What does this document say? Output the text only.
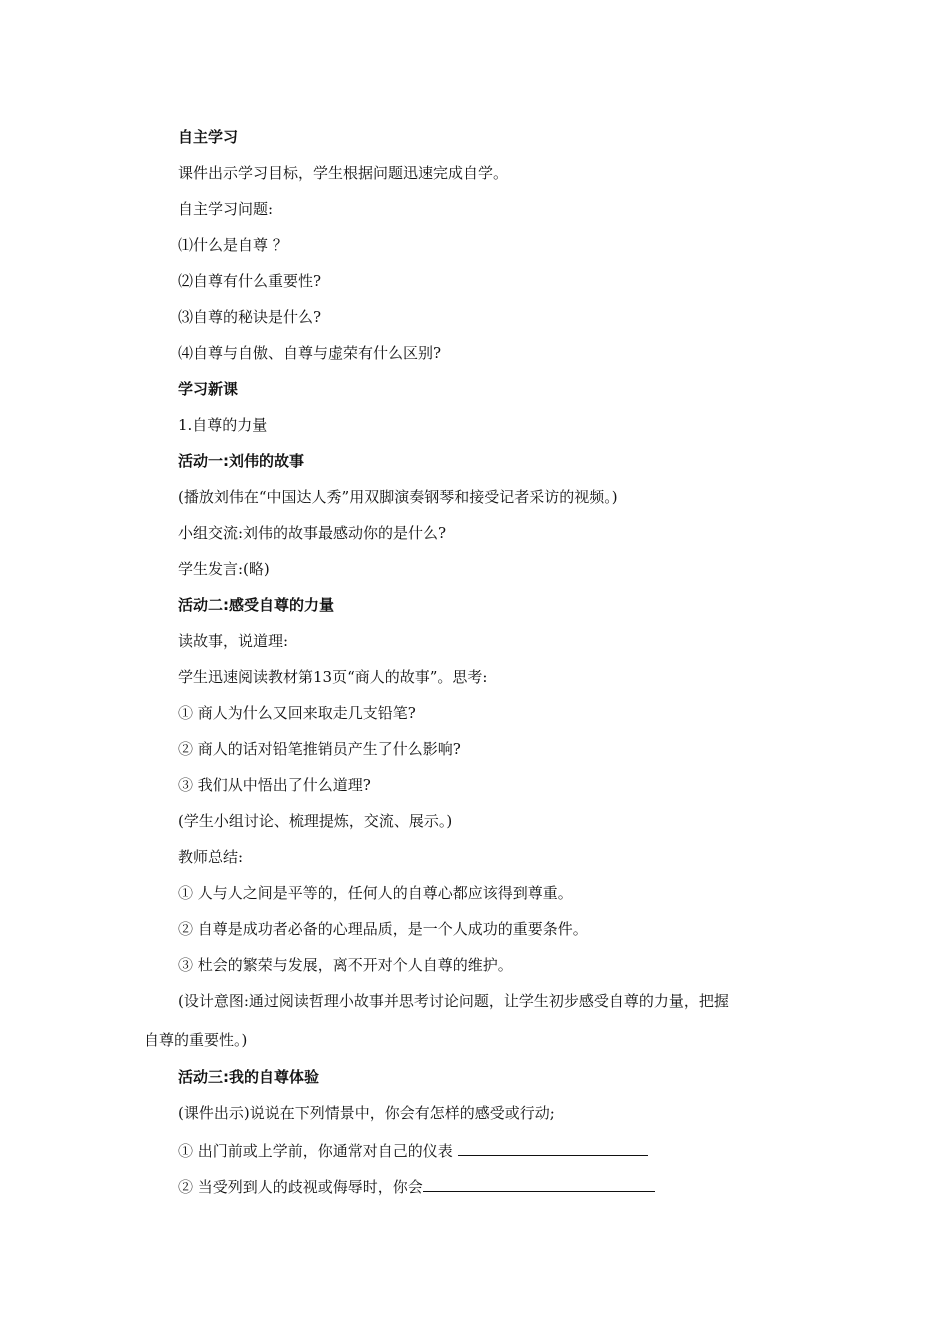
自主学习
课件出示学习目标，学生根据问题迅速完成自学。
自主学习问题:
⑴什么是自尊 ？
⑵自尊有什么重要性?
⑶自尊的秘诀是什么?
⑷自尊与自傲、自尊与虚荣有什么区别?
学习新课
1.自尊的力量
活动一:刘伟的故事
(播放刘伟在“中国达人秀”用双脚演奏钢琴和接受记者采访的视频。)
小组交流:刘伟的故事最感动你的是什么?
学生发言:(略)
活动二:感受自尊的力量
读故事，说道理:
学生迅速阅读教材第13页“商人的故事”。思考:
① 商人为什么又回来取走几支铅笔?
② 商人的话对铅笔推销员产生了什么影响?
③ 我们从中悟出了什么道理?
(学生小组讨论、梳理提炼，交流、展示。)
教师总结:
① 人与人之间是平等的，任何人的自尊心都应该得到尊重。
② 自尊是成功者必备的心理品质，是一个人成功的重要条件。
③ 杜会的繁荣与发展，离不开对个人自尊的维护。
(设计意图:通过阅读哲理小故事并思考讨论问题，让学生初步感受自尊的力量，把握
自尊的重要性。)
活动三:我的自尊体验
(课件出示)说说在下列情景中，你会有怎样的感受或行动;
① 出门前或上学前，你通常对自己的仪表
② 当受列到人的歧视或侮辱时，你会
